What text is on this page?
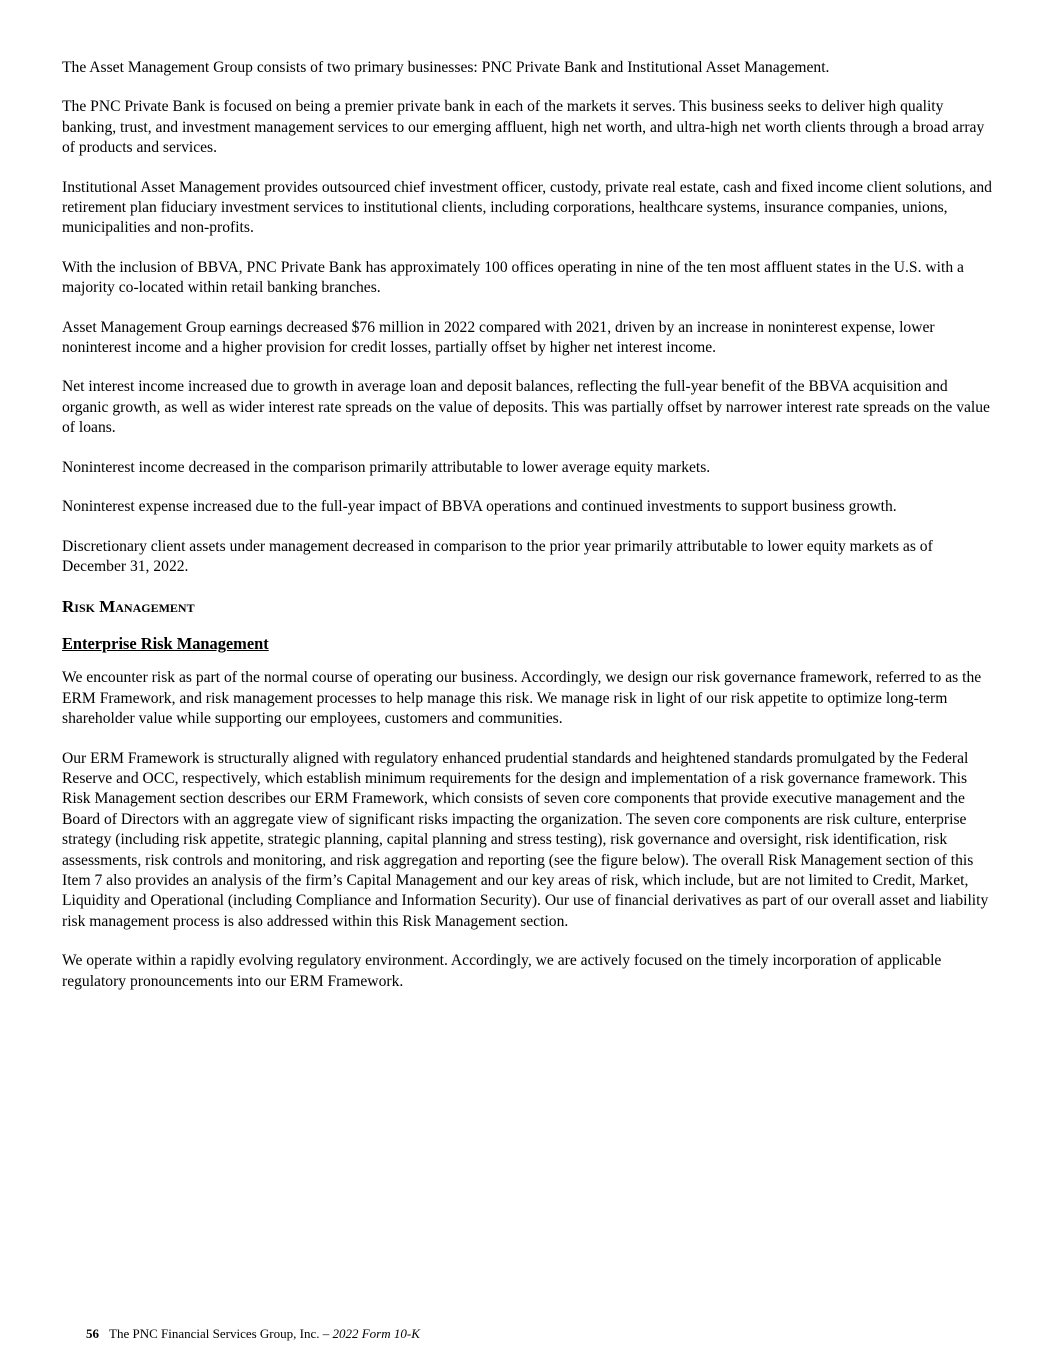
The Asset Management Group consists of two primary businesses: PNC Private Bank and Institutional Asset Management.

The PNC Private Bank is focused on being a premier private bank in each of the markets it serves. This business seeks to deliver high quality banking, trust, and investment management services to our emerging affluent, high net worth, and ultra-high net worth clients through a broad array of products and services.

Institutional Asset Management provides outsourced chief investment officer, custody, private real estate, cash and fixed income client solutions, and retirement plan fiduciary investment services to institutional clients, including corporations, healthcare systems, insurance companies, unions, municipalities and non-profits.

With the inclusion of BBVA, PNC Private Bank has approximately 100 offices operating in nine of the ten most affluent states in the U.S. with a majority co-located within retail banking branches.

Asset Management Group earnings decreased $76 million in 2022 compared with 2021, driven by an increase in noninterest expense, lower noninterest income and a higher provision for credit losses, partially offset by higher net interest income.

Net interest income increased due to growth in average loan and deposit balances, reflecting the full-year benefit of the BBVA acquisition and organic growth, as well as wider interest rate spreads on the value of deposits. This was partially offset by narrower interest rate spreads on the value of loans.

Noninterest income decreased in the comparison primarily attributable to lower average equity markets.

Noninterest expense increased due to the full-year impact of BBVA operations and continued investments to support business growth.

Discretionary client assets under management decreased in comparison to the prior year primarily attributable to lower equity markets as of December 31, 2022.

Risk Management
Enterprise Risk Management

We encounter risk as part of the normal course of operating our business. Accordingly, we design our risk governance framework, referred to as the ERM Framework, and risk management processes to help manage this risk. We manage risk in light of our risk appetite to optimize long-term shareholder value while supporting our employees, customers and communities.

Our ERM Framework is structurally aligned with regulatory enhanced prudential standards and heightened standards promulgated by the Federal Reserve and OCC, respectively, which establish minimum requirements for the design and implementation of a risk governance framework. This Risk Management section describes our ERM Framework, which consists of seven core components that provide executive management and the Board of Directors with an aggregate view of significant risks impacting the organization. The seven core components are risk culture, enterprise strategy (including risk appetite, strategic planning, capital planning and stress testing), risk governance and oversight, risk identification, risk assessments, risk controls and monitoring, and risk aggregation and reporting (see the figure below). The overall Risk Management section of this Item 7 also provides an analysis of the firm’s Capital Management and our key areas of risk, which include, but are not limited to Credit, Market, Liquidity and Operational (including Compliance and Information Security). Our use of financial derivatives as part of our overall asset and liability risk management process is also addressed within this Risk Management section.

We operate within a rapidly evolving regulatory environment. Accordingly, we are actively focused on the timely incorporation of applicable regulatory pronouncements into our ERM Framework.

56 The PNC Financial Services Group, Inc. – 2022 Form 10-K
